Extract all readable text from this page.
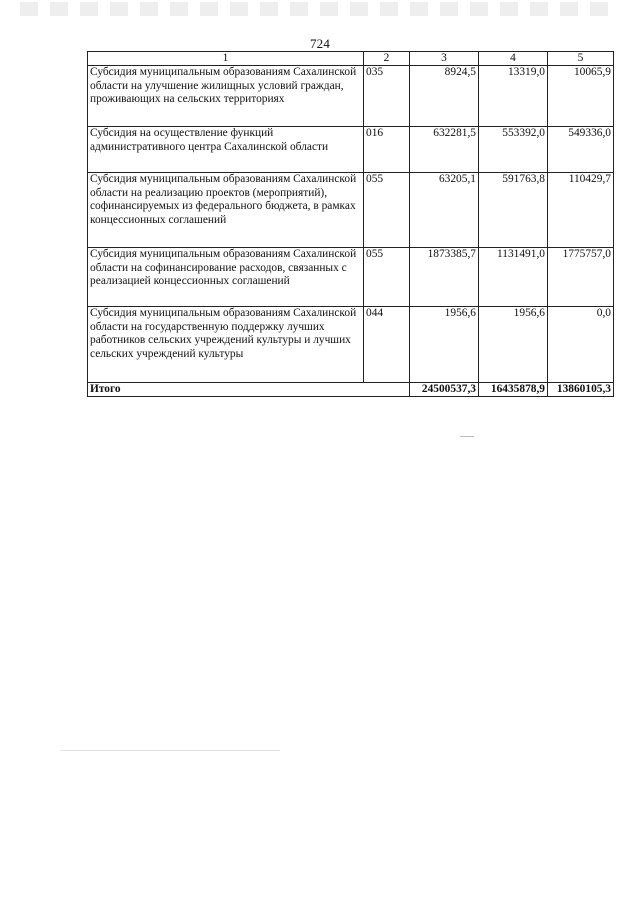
724
1	2	3	4	5
Субсидия муниципальным образованиям Сахалинской области на улучшение жилищных условий граждан, проживающих на сельских территориях	035	8924,5	13319,0	10065,9
Субсидия на осуществление функций административного центра Сахалинской области	016	632281,5	553392,0	549336,0
Субсидия муниципальным образованиям Сахалинской области на реализацию проектов (мероприятий), софинансируемых из федерального бюджета, в рамках концессионных соглашений	055	63205,1	591763,8	110429,7
Субсидия муниципальным образованиям Сахалинской области на софинансирование расходов, связанных с реализацией концессионных соглашений	055	1873385,7	1131491,0	1775757,0
Субсидия муниципальным образованиям Сахалинской области на государственную поддержку лучших работников сельских учреждений культуры и лучших сельских учреждений культуры	044	1956,6	1956,6	0,0
Итого		24500537,3	16435878,9	13860105,3
